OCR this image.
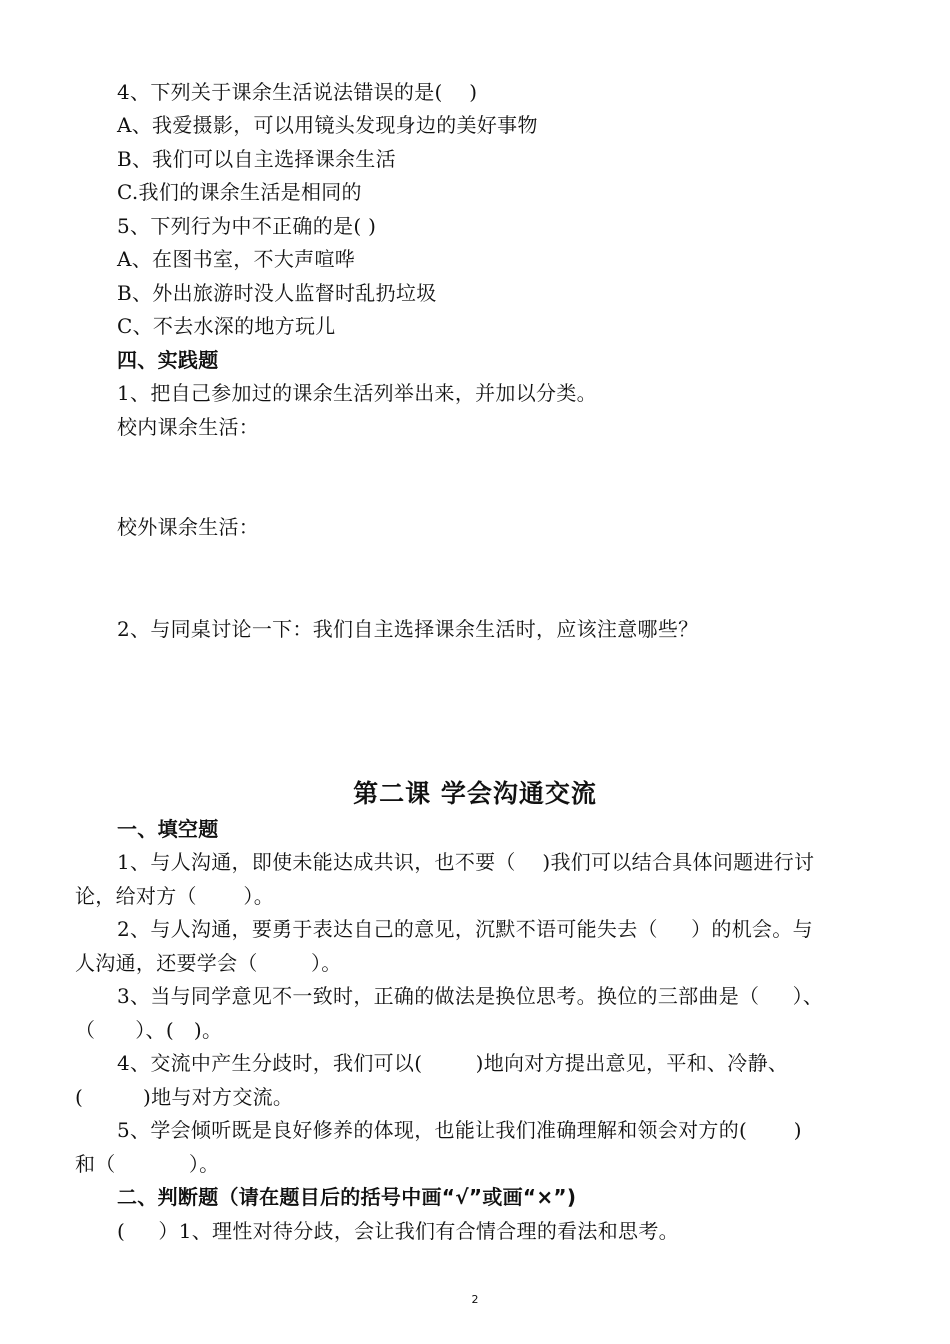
4、下列关于课余生活说法错误的是(    )
A、我爱摄影，可以用镜头发现身边的美好事物
B、我们可以自主选择课余生活
C.我们的课余生活是相同的
5、下列行为中不正确的是( )
A、在图书室，不大声喧哗
B、外出旅游时没人监督时乱扔垃圾
C、不去水深的地方玩儿
四、实践题
1、把自己参加过的课余生活列举出来，并加以分类。
校内课余生活：
校外课余生活：
2、与同桌讨论一下：我们自主选择课余生活时，应该注意哪些？
第二课 学会沟通交流
一、填空题
1、与人沟通，即使未能达成共识，也不要（    )我们可以结合具体问题进行讨
论，给对方（       ）。
2、与人沟通，要勇于表达自己的意见，沉默不语可能失去（     ）的机会。与
人沟通，还要学会（        ）。
3、当与同学意见不一致时，正确的做法是换位思考。换位的三部曲是（     ）、
（      ）、(   )。
4、交流中产生分歧时，我们可以(        )地向对方提出意见，平和、冷静、
(         )地与对方交流。
5、学会倾听既是良好修养的体现，也能让我们准确理解和领会对方的(       )
和（           ）。
二、判断题（请在题目后的括号中画“√”或画“×”)
(     ）1、理性对待分歧，会让我们有合情合理的看法和思考。
2
